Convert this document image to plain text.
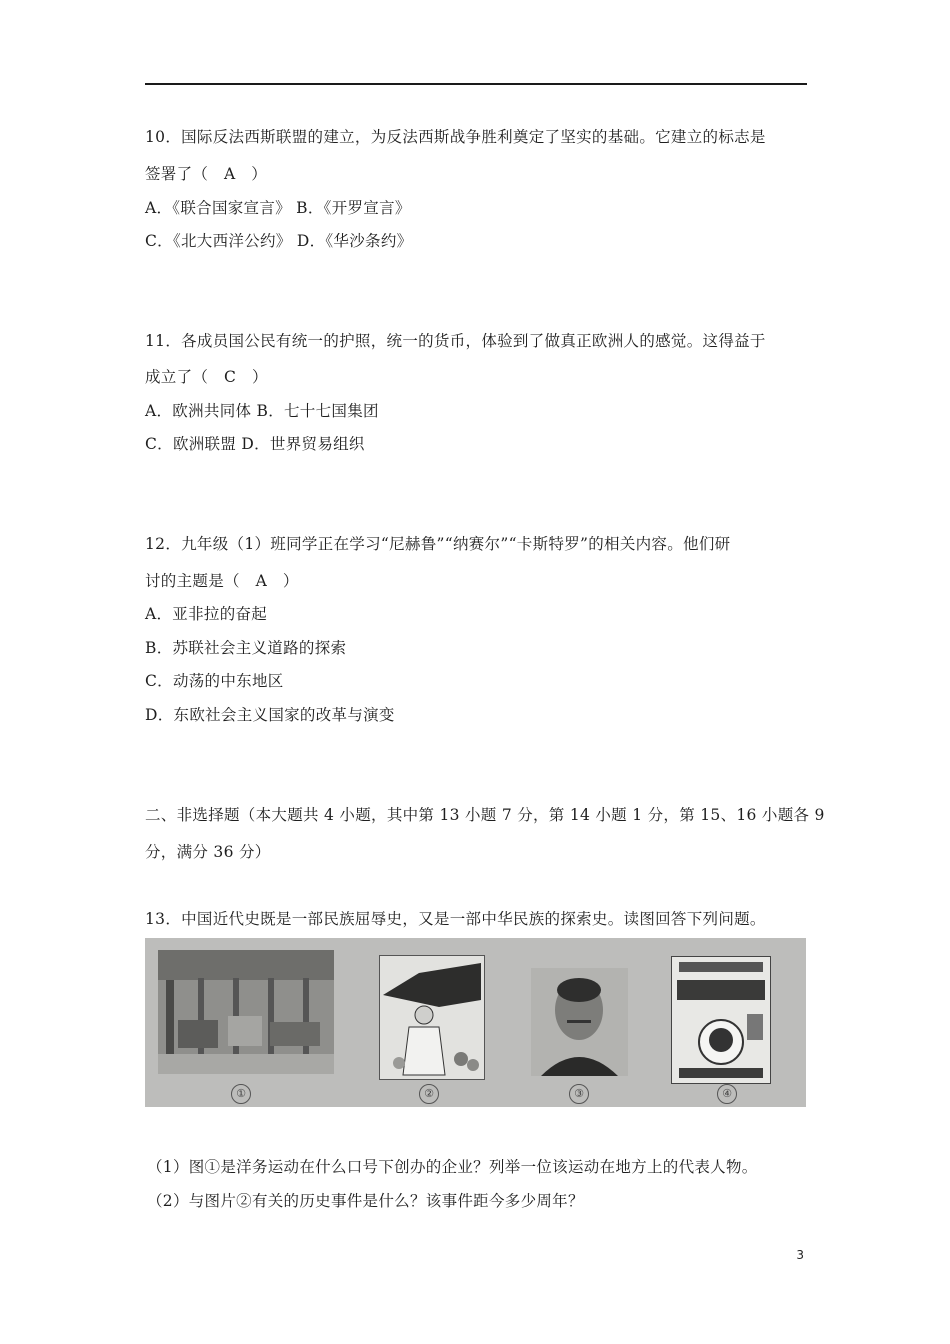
10．国际反法西斯联盟的建立，为反法西斯战争胜利奠定了坚实的基础。它建立的标志是
签署了（　A　）
A．《联合国家宣言》 B．《开罗宣言》
C．《北大西洋公约》 D．《华沙条约》
11．各成员国公民有统一的护照，统一的货币，体验到了做真正欧洲人的感觉。这得益于
成立了（　C　）
A．欧洲共同体 B．七十七国集团
C．欧洲联盟 D．世界贸易组织
12．九年级（1）班同学正在学习“尼赫鲁”“纳赛尔”“卡斯特罗”的相关内容。他们研
讨的主题是（　A　）
A．亚非拉的奋起
B．苏联社会主义道路的探索
C．动荡的中东地区
D．东欧社会主义国家的改革与演变
二、非选择题（本大题共 4 小题，其中第 13 小题 7 分，第 14 小题 1 分，第 15、16 小题各 9
分，满分 36 分）
13．中国近代史既是一部民族屈辱史，又是一部中华民族的探索史。读图回答下列问题。
①	②	③	④
（1）图①是洋务运动在什么口号下创办的企业？列举一位该运动在地方上的代表人物。
（2）与图片②有关的历史事件是什么？该事件距今多少周年？
3
